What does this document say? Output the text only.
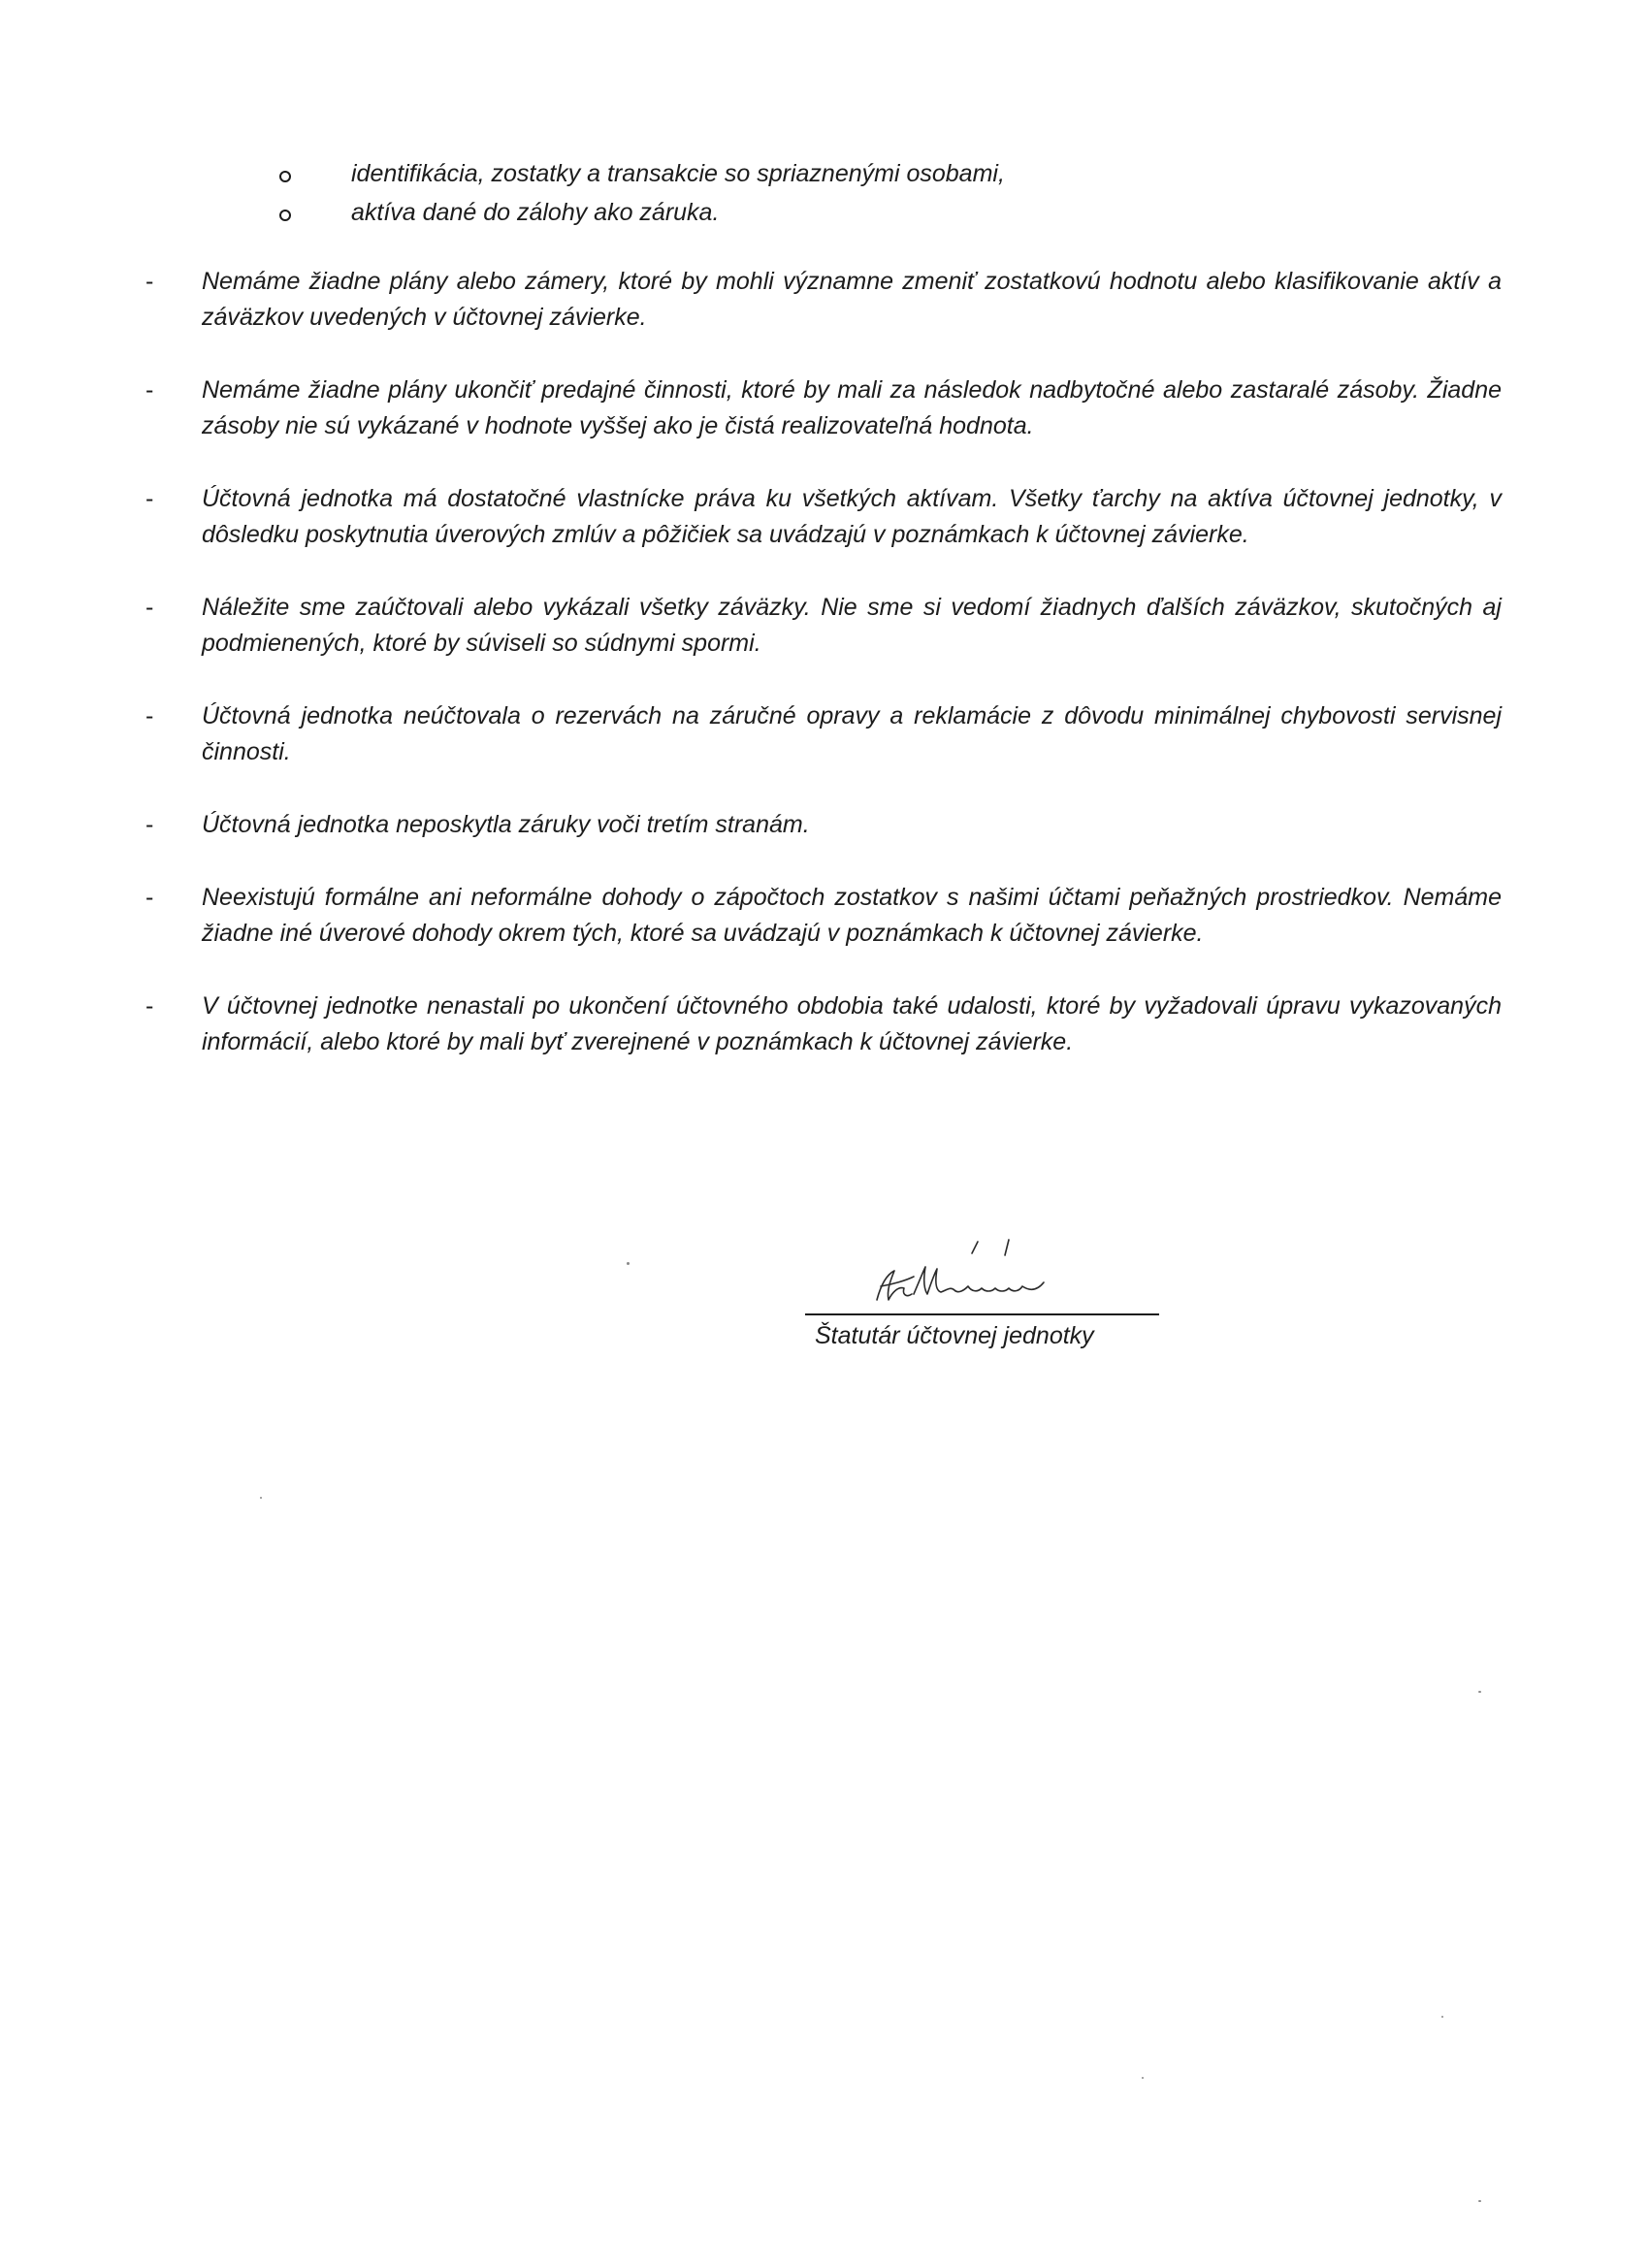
identifikácia, zostatky a transakcie so spriaznenými osobami,
aktíva dané do zálohy ako záruka.
- Nemáme žiadne plány alebo zámery, ktoré by mohli významne zmeniť zostatkovú hodnotu alebo klasifikovanie aktív a záväzkov uvedených v účtovnej závierke.
- Nemáme žiadne plány ukončiť predajné činnosti, ktoré by mali za následok nadbytočné alebo zastaralé zásoby. Žiadne zásoby nie sú vykázané v hodnote vyššej ako je čistá realizovateľná hodnota.
- Účtovná jednotka má dostatočné vlastnícke práva ku všetkých aktívam. Všetky ťarchy na aktíva účtovnej jednotky, v dôsledku poskytnutia úverových zmlúv a pôžičiek sa uvádzajú v poznámkach k účtovnej závierke.
- Náležite sme zaúčtovali alebo vykázali všetky záväzky. Nie sme si vedomí žiadnych ďalších záväzkov, skutočných aj podmienených, ktoré by súviseli so súdnymi spormi.
- Účtovná jednotka neúčtovala o rezervách na záručné opravy a reklamácie z dôvodu minimálnej chybovosti servisnej činnosti.
- Účtovná jednotka neposkytla záruky voči tretím stranám.
- Neexistujú formálne ani neformálne dohody o zápočtoch zostatkov s našimi účtami peňažných prostriedkov. Nemáme žiadne iné úverové dohody okrem tých, ktoré sa uvádzajú v poznámkach k účtovnej závierke.
- V účtovnej jednotke nenastali po ukončení účtovného obdobia také udalosti, ktoré by vyžadovali úpravu vykazovaných informácií, alebo ktoré by mali byť zverejnené v poznámkach k účtovnej závierke.
Štatutár účtovnej jednotky
